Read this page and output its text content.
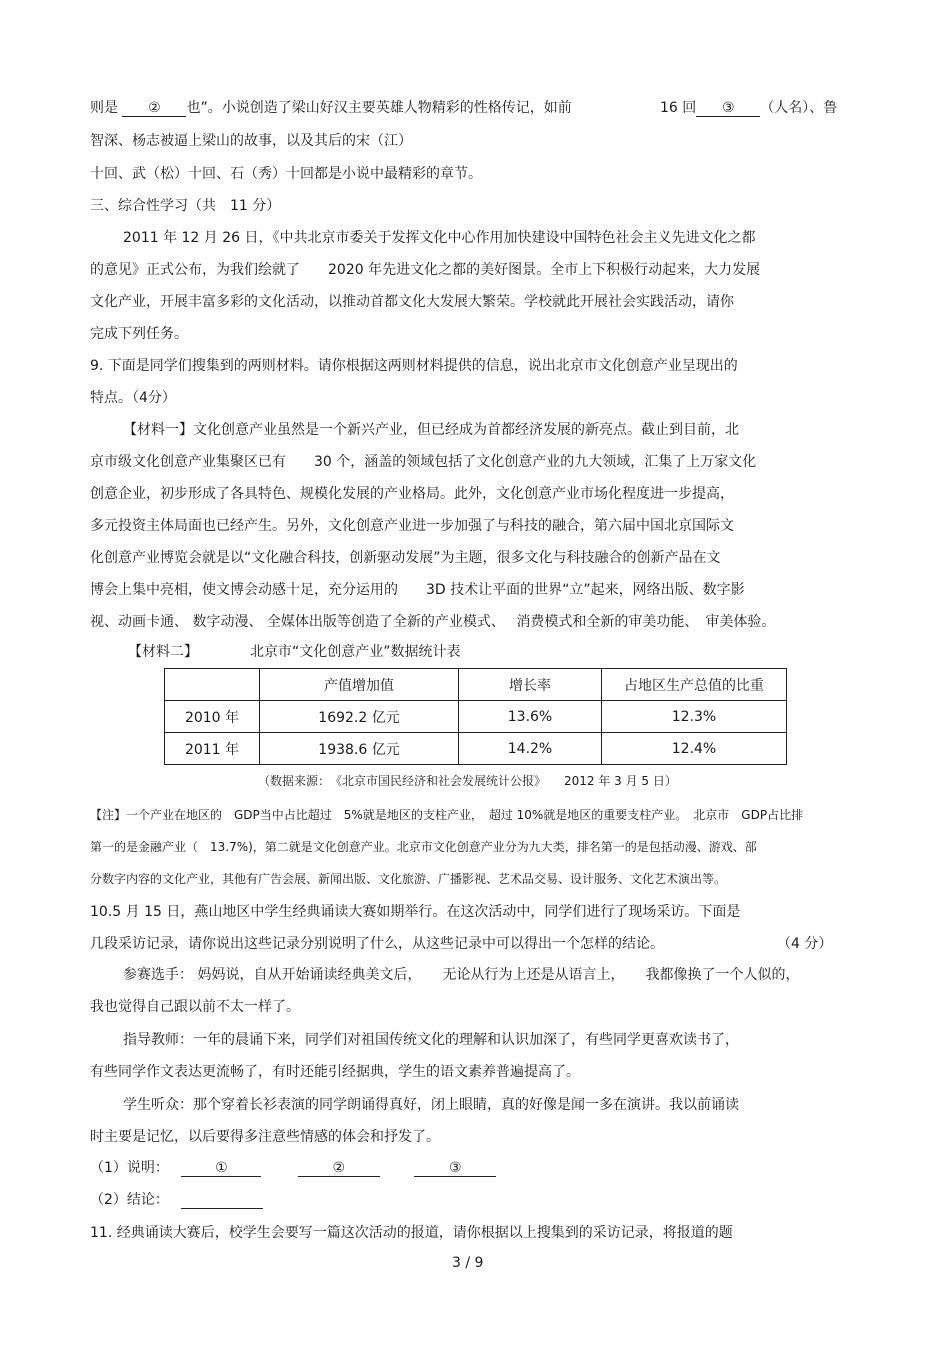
则是 ② 也”。小说创造了梁山好汉主要英雄人物精彩的性格传记，如前	16 回 ③ （人名）、鲁
智深、杨志被逼上梁山的故事，以及其后的宋（江）
十回、武（松）十回、石（秀）十回都是小说中最精彩的章节。
三、综合性学习（共　11 分）
2011 年 12 月 26 日，《中共北京市委关于发挥文化中心作用加快建设中国特色社会主义先进文化之都
的意见》正式公布，为我们绘就了　　2020 年先进文化之都的美好图景。全市上下积极行动起来，大力发展
文化产业，开展丰富多彩的文化活动，以推动首都文化大发展大繁荣。学校就此开展社会实践活动，请你
完成下列任务。
9. 下面是同学们搜集到的两则材料。请你根据这两则材料提供的信息，说出北京市文化创意产业呈现出的
特点。（4分）
【材料一】文化创意产业虽然是一个新兴产业，但已经成为首都经济发展的新亮点。截止到目前，北
京市级文化创意产业集聚区已有　　30 个，涵盖的领域包括了文化创意产业的九大领域，汇集了上万家文化
创意企业，初步形成了各具特色、规模化发展的产业格局。此外，文化创意产业市场化程度进一步提高，
多元投资主体局面也已经产生。另外，文化创意产业进一步加强了与科技的融合，第六届中国北京国际文
化创意产业博览会就是以“文化融合科技，创新驱动发展”为主题，很多文化与科技融合的创新产品在文
博会上集中亮相，使文博会动感十足，充分运用的　　3D 技术让平面的世界“立”起来，网络出版、数字影
视、动画卡通、 数字动漫、 全媒体出版等创造了全新的产业模式、　 消费模式和全新的审美功能、　审美体验。
【材料二】	北京市“文化创意产业”数据统计表
	产值增加值	增长率	占地区生产总值的比重
2010 年	1692.2 亿元	13.6%	12.3%
2011 年	1938.6 亿元	14.2%	12.4%
（数据来源：　《北京市国民经济和社会发展统计公报》　　2012 年 3 月 5 日）
【注】一个产业在地区的　GDP当中占比超过　5%就是地区的支柱产业，　超过 10%就是地区的重要支柱产业。　北京市　GDP占比排
第一的是金融产业（　13.7%)，第二就是文化创意产业。北京市文化创意产业分为九大类，排名第一的是包括动漫、游戏、部
分数字内容的文化产业，其他有广告会展、新闻出版、文化旅游、广播影视、艺术品交易、设计服务、文化艺术演出等。
10.5 月 15 日，燕山地区中学生经典诵读大赛如期举行。在这次活动中，同学们进行了现场采访。下面是
几段采访记录，请你说出这些记录分别说明了什么，从这些记录中可以得出一个怎样的结论。	（4 分）
参赛选手： 妈妈说，自从开始诵读经典美文后，　　无论从行为上还是从语言上，　　我都像换了一个人似的，
我也觉得自己跟以前不太一样了。
指导教师：一年的晨诵下来，同学们对祖国传统文化的理解和认识加深了，有些同学更喜欢读书了，
有些同学作文表达更流畅了，有时还能引经据典，学生的语文素养普遍提高了。
学生听众：那个穿着长衫表演的同学朗诵得真好，闭上眼睛，真的好像是闻一多在演讲。我以前诵读
时主要是记忆，以后要得多注意些情感的体会和抒发了。
（1）说明：	①	②	③
（2）结论：
11. 经典诵读大赛后，校学生会要写一篇这次活动的报道，请你根据以上搜集到的采访记录，将报道的题
3 / 9
